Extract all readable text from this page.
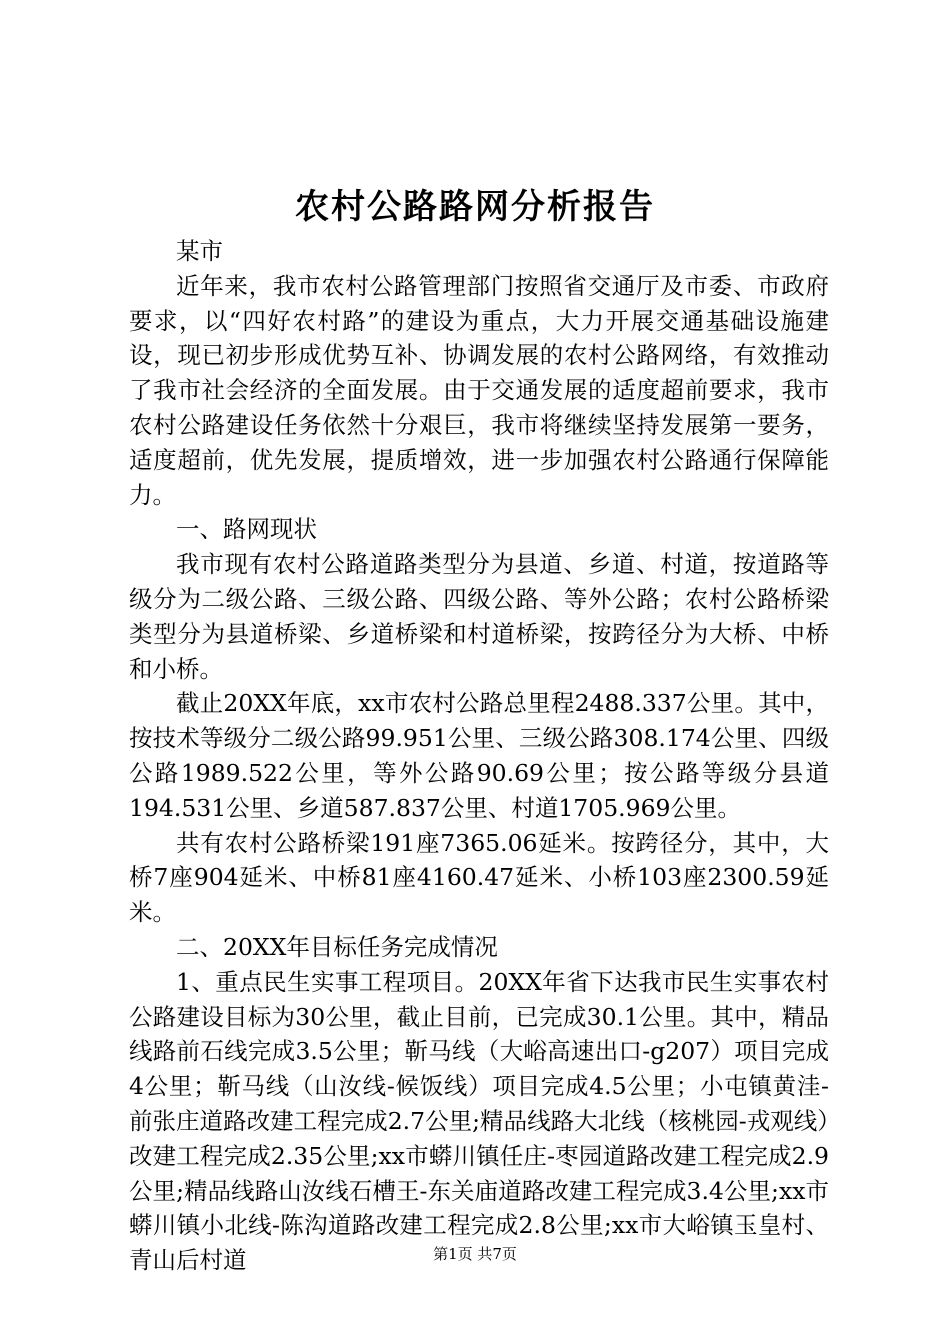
农村公路路网分析报告

某市

近年来，我市农村公路管理部门按照省交通厅及市委、市政府要求，以“四好农村路”的建设为重点，大力开展交通基础设施建设，现已初步形成优势互补、协调发展的农村公路网络，有效推动了我市社会经济的全面发展。由于交通发展的适度超前要求，我市农村公路建设任务依然十分艰巨，我市将继续坚持发展第一要务，适度超前，优先发展，提质增效，进一步加强农村公路通行保障能力。

一、路网现状

我市现有农村公路道路类型分为县道、乡道、村道，按道路等级分为二级公路、三级公路、四级公路、等外公路；农村公路桥梁类型分为县道桥梁、乡道桥梁和村道桥梁，按跨径分为大桥、中桥和小桥。

截止20XX年底，xx市农村公路总里程2488.337公里。其中，按技术等级分二级公路99.951公里、三级公路308.174公里、四级公路1989.522公里，等外公路90.69公里；按公路等级分县道194.531公里、乡道587.837公里、村道1705.969公里。

共有农村公路桥梁191座7365.06延米。按跨径分，其中，大桥7座904延米、中桥81座4160.47延米、小桥103座2300.59延米。

二、20XX年目标任务完成情况

1、重点民生实事工程项目。20XX年省下达我市民生实事农村公路建设目标为30公里，截止目前，已完成30.1公里。其中，精品线路前石线完成3.5公里；靳马线（大峪高速出口-g207）项目完成4公里；靳马线（山汝线-候饭线）项目完成4.5公里；小屯镇黄洼-前张庄道路改建工程完成2.7公里;精品线路大北线（核桃园-戎观线）改建工程完成2.35公里;xx市蟒川镇任庄-枣园道路改建工程完成2.9公里;精品线路山汝线石槽王-东关庙道路改建工程完成3.4公里;xx市蟒川镇小北线-陈沟道路改建工程完成2.8公里;xx市大峪镇玉皇村、青山后村道	第1页 共7页
